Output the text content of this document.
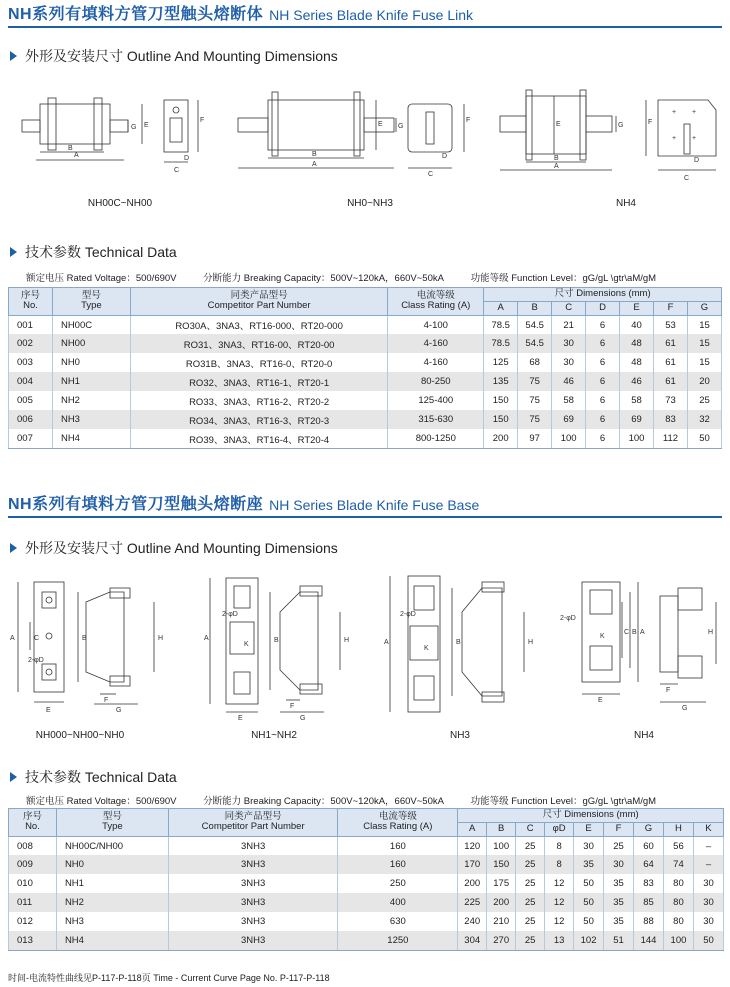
NH系列有填料方管刀型触头熔断体 NH Series Blade Knife Fuse Link
外形及安装尺寸 Outline And Mounting Dimensions
A
B
G E
C
D
F
A
B
G
E
C
D
F
A
B
G
E
+ +
+ +
C
D
F
NH00C~NH00	NH0~NH3	NH4
技术参数 Technical Data
额定电压 Rated Voltage：500/690V	分断能力 Breaking Capacity：500V~120kA，660V~50kA	功能等级 Function Level：gG/gL \gtr\aM/gM
序号
No.	型号
Type	同类产品型号
Competitor Part Number	电流等级
Class Rating (A)	尺寸 Dimensions (mm)						
				A	B	C	D	E	F	G
001	NH00C	RO30A、3NA3、RT16-000、RT20-000	4-100	78.5	54.5	21	6	40	53	15
002	NH00	RO31、3NA3、RT16-00、RT20-00	4-160	78.5	54.5	30	6	48	61	15
003	NH0	RO31B、3NA3、RT16-0、RT20-0	4-160	125	68	30	6	48	61	15
004	NH1	RO32、3NA3、RT16-1、RT20-1	80-250	135	75	46	6	46	61	20
005	NH2	RO33、3NA3、RT16-2、RT20-2	125-400	150	75	58	6	58	73	25
006	NH3	RO34、3NA3、RT16-3、RT20-3	315-630	150	75	69	6	69	83	32
007	NH4	RO39、3NA3、RT16-4、RT20-4	800-1250	200	97	100	6	100	112	50
NH系列有填料方管刀型触头熔断座 NH Series Blade Knife Fuse Base
外形及安装尺寸 Outline And Mounting Dimensions
A	C
2-φD
E
B	H
F
G
2-φD
A
K
E
B	H
F
G
2-φD
A
K
B	H
2-φD
K
C B A
E
H
F
G
NH000~NH00~NH0	NH1~NH2	NH3	NH4
技术参数 Technical Data
额定电压 Rated Voltage：500/690V	分断能力 Breaking Capacity：500V~120kA，660V~50kA	功能等级 Function Level：gG/gL \gtr\aM/gM
序号
No.	型号
Type	同类产品型号
Competitor Part Number	电流等级
Class Rating (A)	尺寸 Dimensions (mm)								
				A	B	C	φD	E	F	G	H	K
008	NH00C/NH00	3NH3	160	120	100	25	8	30	25	60	56	–
009	NH0	3NH3	160	170	150	25	8	35	30	64	74	–
010	NH1	3NH3	250	200	175	25	12	50	35	83	80	30
011	NH2	3NH3	400	225	200	25	12	50	35	85	80	30
012	NH3	3NH3	630	240	210	25	12	50	35	88	80	30
013	NH4	3NH3	1250	304	270	25	13	102	51	144	100	50
时间-电流特性曲线见P-117-P-118页 Time - Current Curve Page No. P-117-P-118
